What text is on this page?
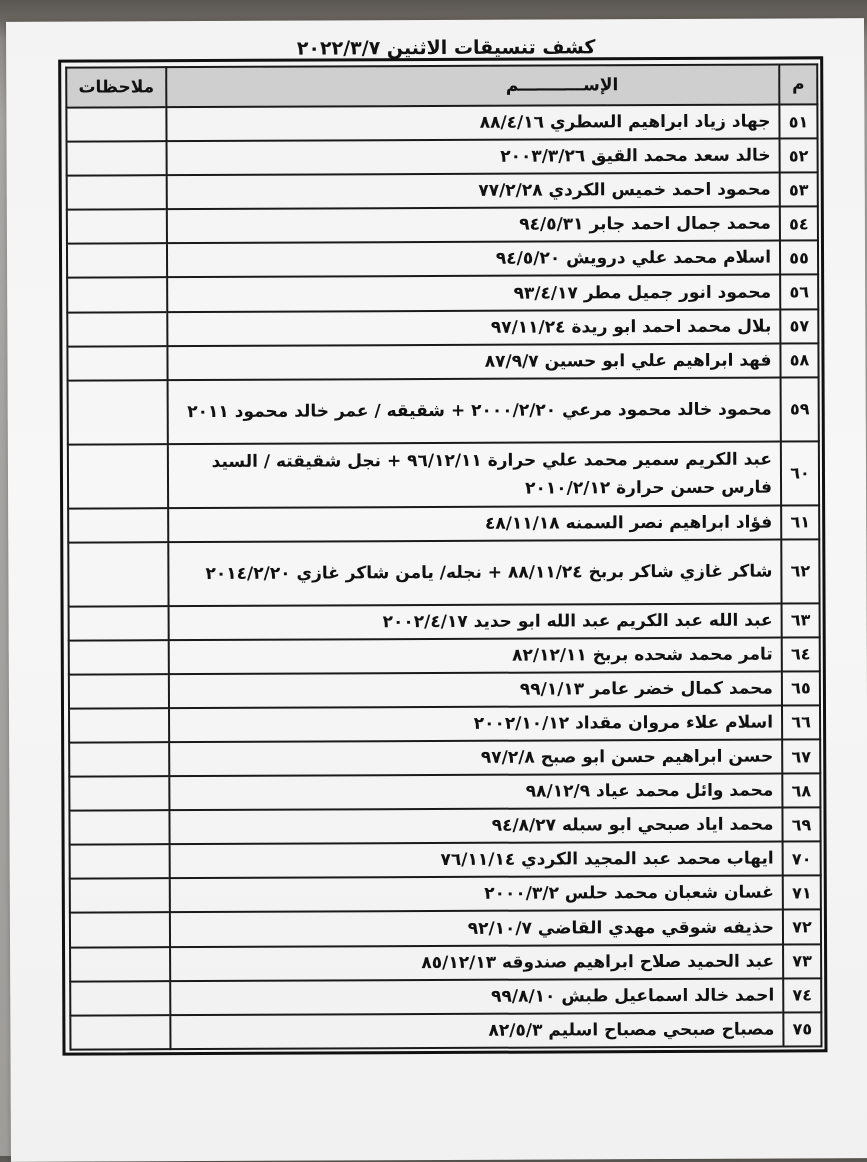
كشف تنسيقات الاثنين ٢٠٢٢/٣/٧
م	الإســـــــــــم	ملاحظات
٥١	جهاد زياد ابراهيم السطري ٨٨/٤/١٦	
٥٢	خالد سعد محمد القيق ٢٠٠٣/٣/٢٦	
٥٣	محمود احمد خميس الكردي ٧٧/٢/٢٨	
٥٤	محمد جمال احمد جابر ٩٤/٥/٣١	
٥٥	اسلام محمد علي درويش ٩٤/٥/٢٠	
٥٦	محمود انور جميل مطر ٩٣/٤/١٧	
٥٧	بلال محمد احمد ابو ريدة ٩٧/١١/٢٤	
٥٨	فهد ابراهيم علي ابو حسين ٨٧/٩/٧	
٥٩	محمود خالد محمود مرعي ٢٠٠٠/٢/٢٠ + شقيقه / عمر خالد محمود ٢٠١١	
٦٠	عبد الكريم سمير محمد علي حرارة ٩٦/١٢/١١ + نجل شقيقته / السيد فارس حسن حرارة ٢٠١٠/٢/١٢	
٦١	فؤاد ابراهيم نصر السمنه ٤٨/١١/١٨	
٦٢	شاكر غازي شاكر بربخ ٨٨/١١/٢٤ + نجله/ يامن شاكر غازي ٢٠١٤/٢/٢٠	
٦٣	عبد الله عبد الكريم عبد الله ابو حديد ٢٠٠٢/٤/١٧	
٦٤	تامر محمد شحده بربخ ٨٢/١٢/١١	
٦٥	محمد كمال خضر عامر ٩٩/١/١٣	
٦٦	اسلام علاء مروان مقداد ٢٠٠٢/١٠/١٢	
٦٧	حسن ابراهيم حسن ابو صبح ٩٧/٢/٨	
٦٨	محمد وائل محمد عياد ٩٨/١٢/٩	
٦٩	محمد اياد صبحي ابو سبله ٩٤/٨/٢٧	
٧٠	ايهاب محمد عبد المجيد الكردي ٧٦/١١/١٤	
٧١	غسان شعبان محمد حلس ٢٠٠٠/٣/٢	
٧٢	حذيفه شوقي مهدي القاضي ٩٢/١٠/٧	
٧٣	عبد الحميد صلاح ابراهيم صندوقه ٨٥/١٢/١٣	
٧٤	احمد خالد اسماعيل طبش ٩٩/٨/١٠	
٧٥	مصباح صبحي مصباح اسليم ٨٢/٥/٣	
